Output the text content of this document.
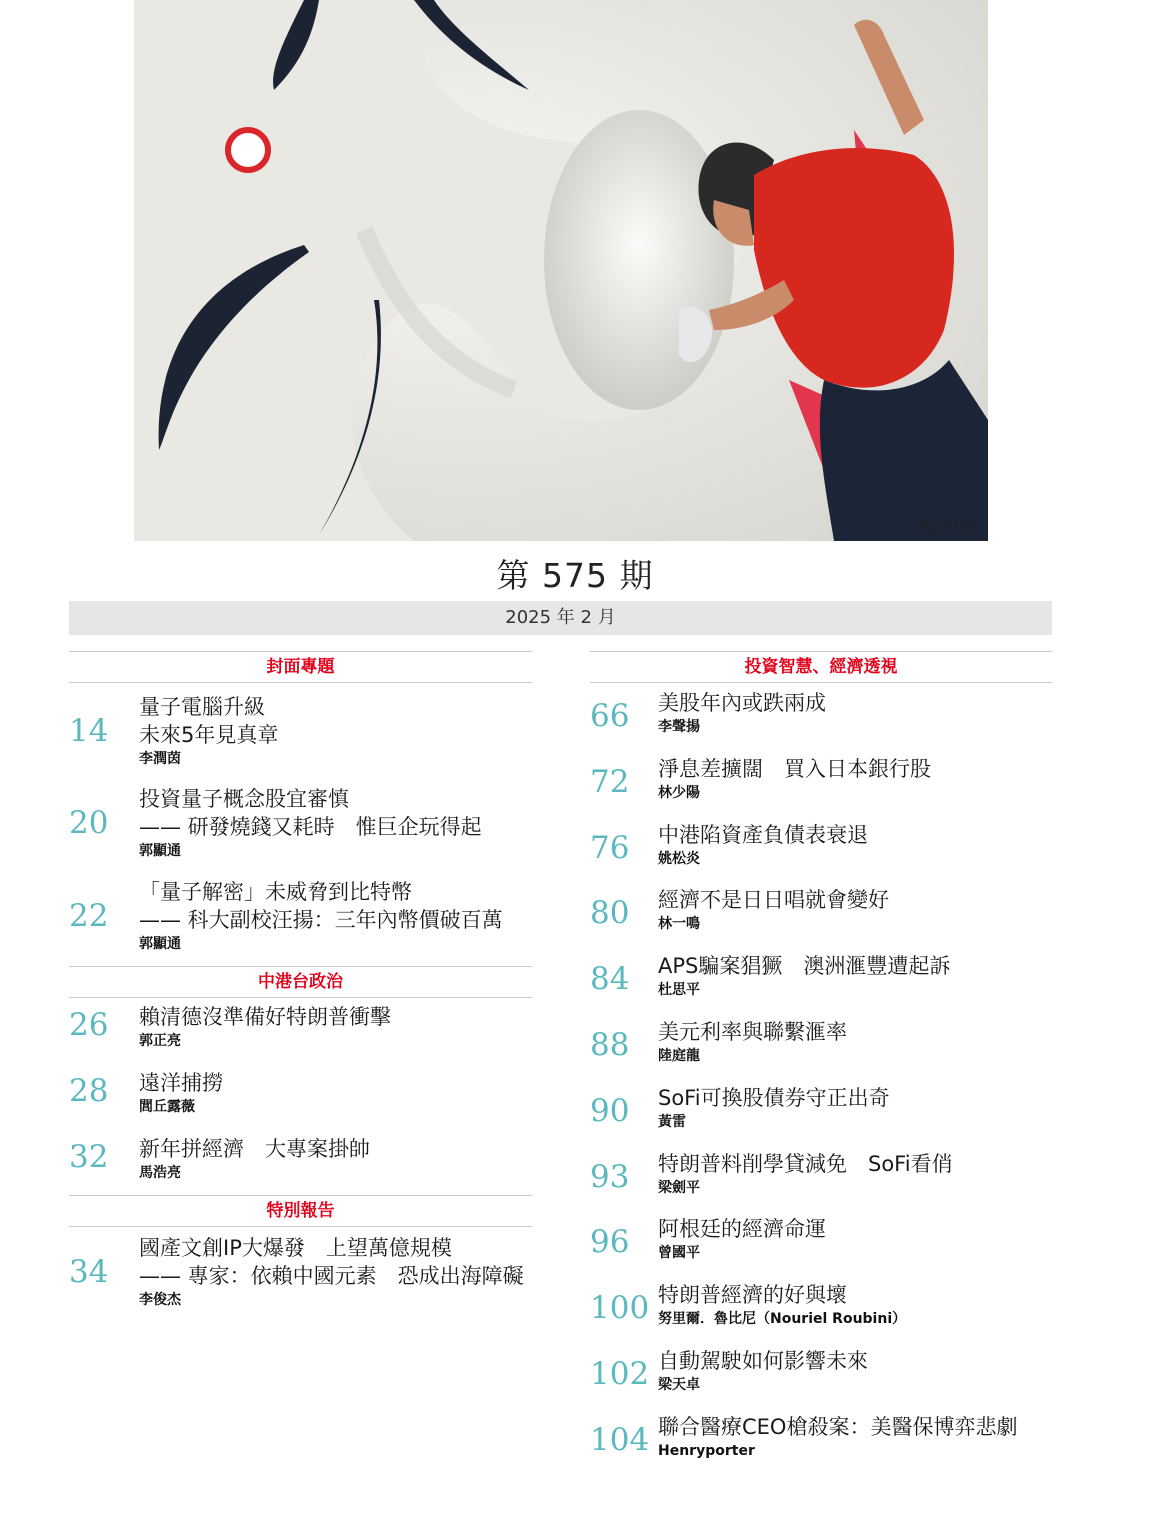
(路透圖片)
第 575 期
2025 年 2 月
封面專題
14
量子電腦升級
未來5年見真章
李潤茵
20
投資量子概念股宜審慎
—— 研發燒錢又耗時　惟巨企玩得起
郭顯通
22
「量子解密」未威脅到比特幣
—— 科大副校汪揚：三年內幣價破百萬
郭顯通
中港台政治
26 賴清德沒準備好特朗普衝擊
郭正亮
28 遠洋捕撈
閭丘露薇
32 新年拼經濟　大專案掛帥
馬浩亮
特別報告
34
國產文創IP大爆發　上望萬億規模
—— 專家：依賴中國元素　恐成出海障礙
李俊杰
投資智慧、經濟透視
66 美股年內或跌兩成
李聲揚
72 淨息差擴闊　買入日本銀行股
林少陽
76 中港陷資產負債表衰退
姚松炎
80 經濟不是日日唱就會變好
林一鳴
84 APS騙案猖獗　澳洲滙豐遭起訴
杜思平
88 美元利率與聯繫滙率
陸庭龍
90 SoFi可換股債券守正出奇
黃雷
93 特朗普料削學貸減免　SoFi看俏
梁劍平
96 阿根廷的經濟命運
曾國平
100 特朗普經濟的好與壞
努里爾．魯比尼（Nouriel Roubini）
102 自動駕駛如何影響未來
梁天卓
104 聯合醫療CEO槍殺案：美醫保博弈悲劇
Henryporter
